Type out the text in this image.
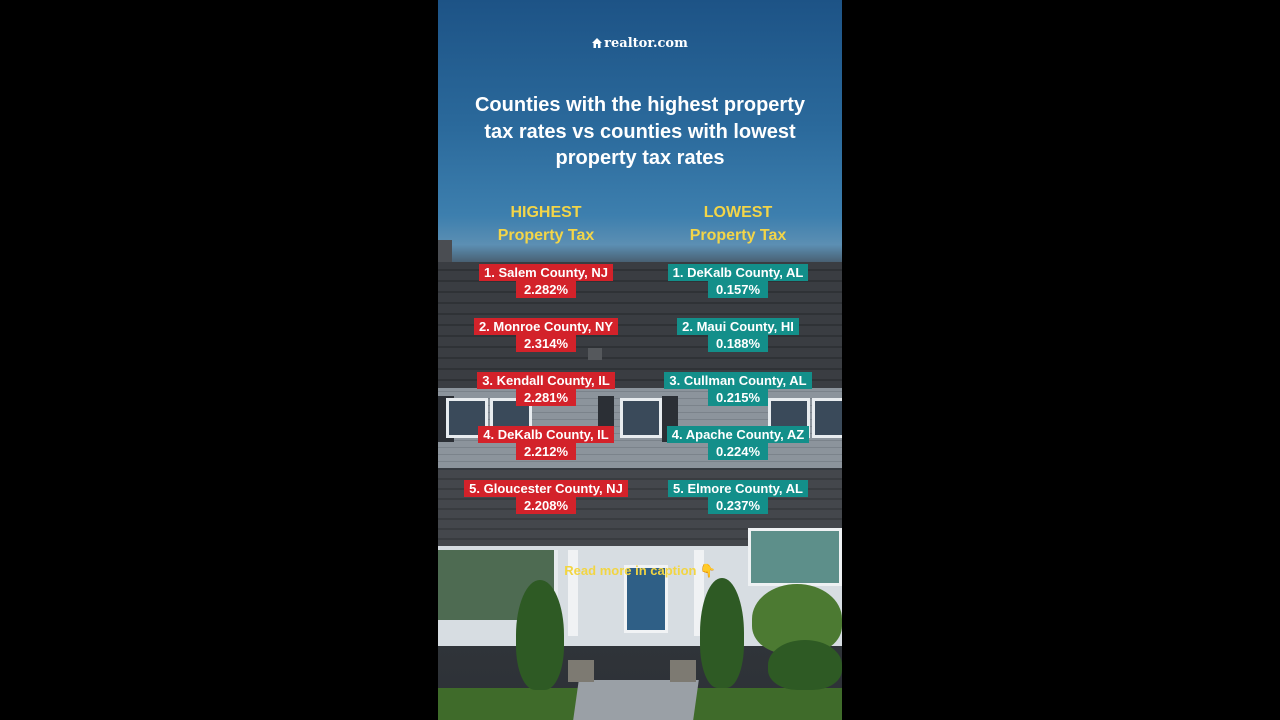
realtor.com
Counties with the highest property tax rates vs counties with lowest property tax rates
HIGHEST
Property Tax
LOWEST
Property Tax
1. Salem County, NJ
2.282%
2. Monroe County, NY
2.314%
3. Kendall County, IL
2.281%
4. DeKalb County, IL
2.212%
5. Gloucester County, NJ
2.208%
1. DeKalb County, AL
0.157%
2. Maui County, HI
0.188%
3. Cullman County, AL
0.215%
4. Apache County, AZ
0.224%
5. Elmore County, AL
0.237%
Read more in caption 👇
